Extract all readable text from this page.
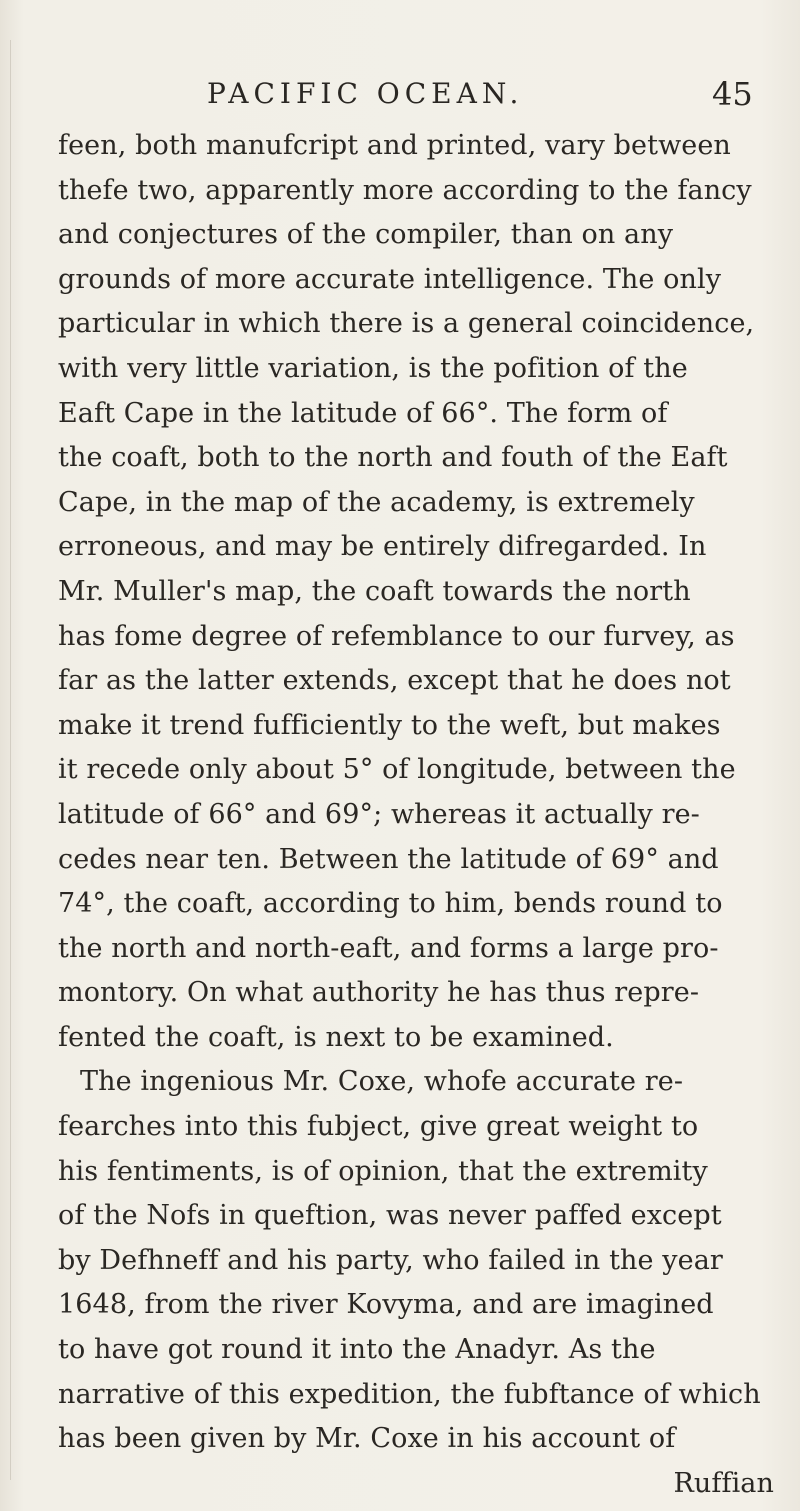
PACIFIC OCEAN.	45
feen, both manufcript and printed, vary between
thefe two, apparently more according to the fancy
and conjectures of the compiler, than on any
grounds of more accurate intelligence. The only
particular in which there is a general coincidence,
with very little variation, is the pofition of the
Eaft Cape in the latitude of 66°. The form of
the coaft, both to the north and fouth of the Eaft
Cape, in the map of the academy, is extremely
erroneous, and may be entirely difregarded. In
Mr. Muller's map, the coaft towards the north
has fome degree of refemblance to our furvey, as
far as the latter extends, except that he does not
make it trend fufficiently to the weft, but makes
it recede only about 5° of longitude, between the
latitude of 66° and 69°; whereas it actually re-
cedes near ten. Between the latitude of 69° and
74°, the coaft, according to him, bends round to
the north and north-eaft, and forms a large pro-
montory. On what authority he has thus repre-
fented the coaft, is next to be examined.
The ingenious Mr. Coxe, whofe accurate re-
fearches into this fubject, give great weight to
his fentiments, is of opinion, that the extremity
of the Nofs in queftion, was never paffed except
by Defhneff and his party, who failed in the year
1648, from the river Kovyma, and are imagined
to have got round it into the Anadyr. As the
narrative of this expedition, the fubftance of which
has been given by Mr. Coxe in his account of
Ruffian
